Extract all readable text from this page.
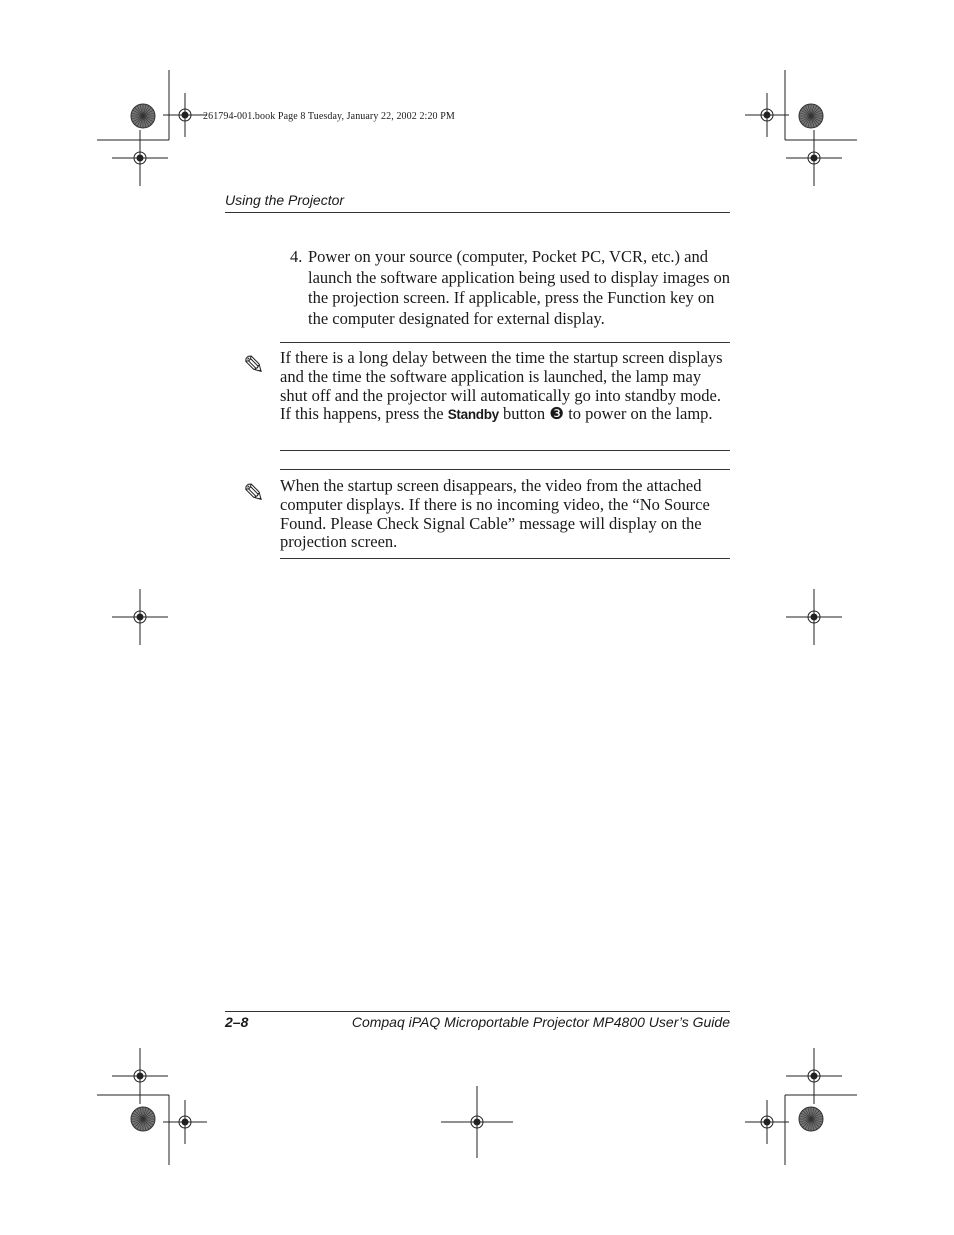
261794-001.book Page 8 Tuesday, January 22, 2002 2:20 PM
Using the Projector
4. Power on your source (computer, Pocket PC, VCR, etc.) and launch the software application being used to display images on the projection screen. If applicable, press the Function key on the computer designated for external display.
✎ If there is a long delay between the time the startup screen displays and the time the software application is launched, the lamp may shut off and the projector will automatically go into standby mode. If this happens, press the Standby button ❸ to power on the lamp.
✎ When the startup screen disappears, the video from the attached computer displays. If there is no incoming video, the “No Source Found. Please Check Signal Cable” message will display on the projection screen.
2–8	Compaq iPAQ Microportable Projector MP4800 User’s Guide
